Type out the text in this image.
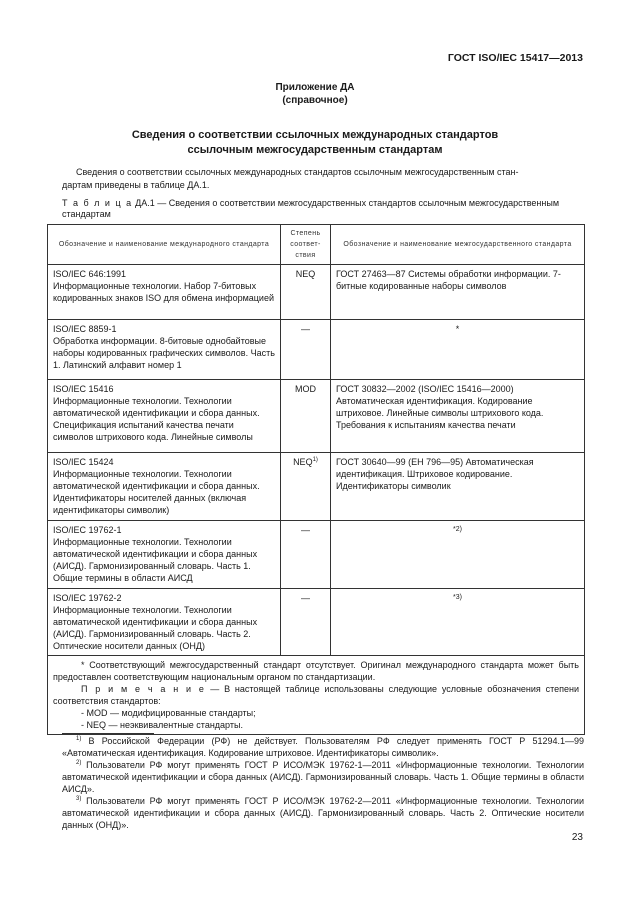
ГОСТ ISO/IEC 15417—2013
Приложение ДА
(справочное)
Сведения о соответствии ссылочных международных стандартов
ссылочным межгосударственным стандартам
Сведения о соответствии ссылочных международных стандартов ссылочным межгосударственным стан-
дартам приведены в таблице ДА.1.
Т а б л и ц а ДА.1 — Сведения о соответствии межгосударственных стандартов ссылочным межгосударственным
стандартам
Обозначение и наименование международного стандарта	Степень соответ-ствия	Обозначение и наименование межгосударственного стандарта

ISO/IEC 646:1991
Информационные технологии. Набор 7-битовых кодированных знаков ISO для обмена информацией	NEQ	ГОСТ 27463—87 Системы обработки информации. 7-битные кодированные наборы символов

ISO/IEC 8859-1
Обработка информации. 8-битовые однобайтовые наборы кодированных графических символов. Часть 1. Латинский алфавит номер 1	—	*

ISO/IEC 15416
Информационные технологии. Технологии автоматической идентификации и сбора данных. Спецификация испытаний качества печати символов штрихового кода. Линейные символы	MOD	ГОСТ 30832—2002 (ISO/IEC 15416—2000) Автоматическая идентификация. Кодирование штриховое. Линейные символы штрихового кода. Требования к испытаниям качества печати

ISO/IEC 15424
Информационные технологии. Технологии автоматической идентификации и сбора данных. Идентификаторы носителей данных (включая идентификаторы символик)	NEQ$^{1)}$	ГОСТ 30640—99 (ЕН 796—95) Автоматическая идентификация. Штриховое кодирование. Идентификаторы символик

ISO/IEC 19762-1
Информационные технологии. Технологии автоматической идентификации и сбора данных (АИСД). Гармонизированный словарь. Часть 1. Общие термины в области АИСД	—	*2)

ISO/IEC 19762-2
Информационные технологии. Технологии автоматической идентификации и сбора данных (АИСД). Гармонизированный словарь. Часть 2. Оптические носители данных (ОНД)	—	*3)

* Соответствующий межгосударственный стандарт отсутствует. Оригинал международного стандарта может быть предоставлен соответствующим национальным органом по стандартизации.
П р и м е ч а н и е — В настоящей таблице использованы следующие условные обозначения степени соответствия стандартов:
- MOD — модифицированные стандарты;
- NEQ — неэквивалентные стандарты.		
$^{1)}$ В Российской Федерации (РФ) не действует. Пользователям РФ следует применять ГОСТ Р 51294.1—99 «Автоматическая идентификация. Кодирование штриховое. Идентификаторы символик».
$^{2)}$ Пользователи РФ могут применять ГОСТ Р ИСО/МЭК 19762-1—2011 «Информационные технологии. Технологии автоматической идентификации и сбора данных (АИСД). Гармонизированный словарь. Часть 1. Общие термины в области АИСД».
$^{3)}$ Пользователи РФ могут применять ГОСТ Р ИСО/МЭК 19762-2—2011 «Информационные технологии. Технологии автоматической идентификации и сбора данных (АИСД). Гармонизированный словарь. Часть 2. Оптические носители данных (ОНД)».
23
